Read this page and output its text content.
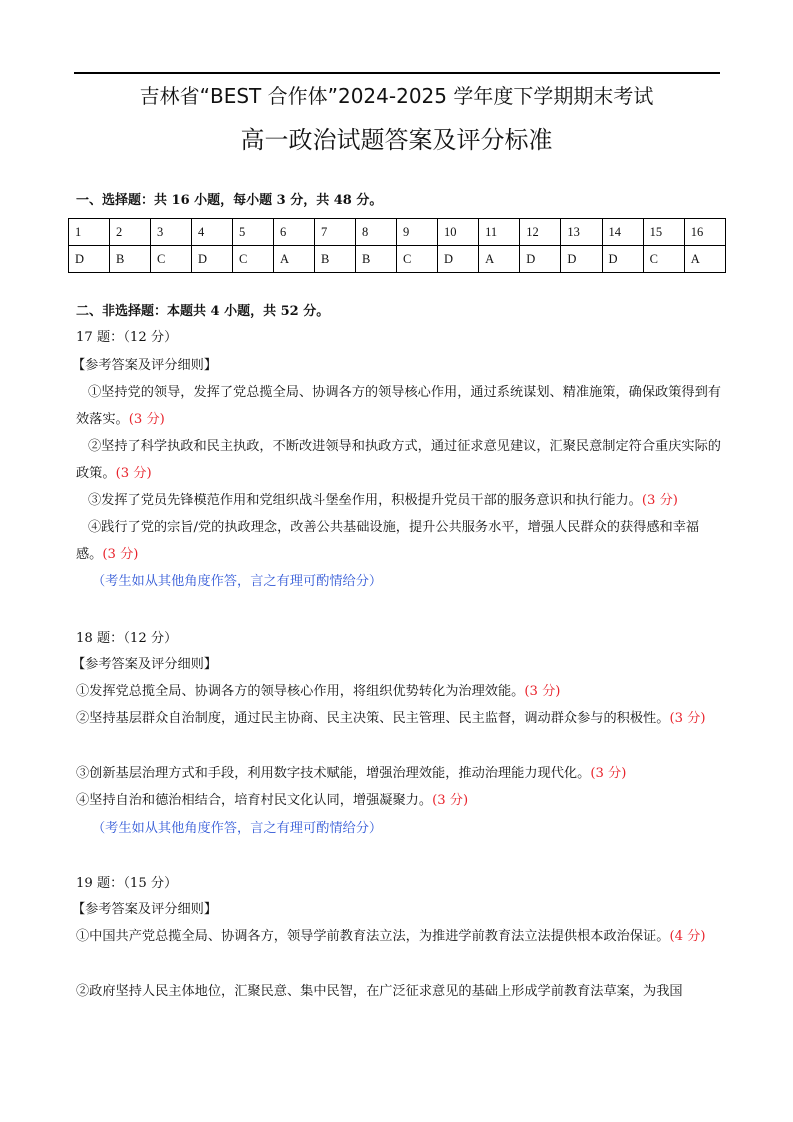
吉林省“BEST 合作体”2024-2025 学年度下学期期末考试
高一政治试题答案及评分标准
一、选择题：共 16 小题，每小题 3 分，共 48 分。
1	2	3	4	5	6	7	8	9	10	11	12	13	14	15	16
D	B	C	D	C	A	B	B	C	D	A	D	D	D	C	A
二、非选择题：本题共 4 小题，共 52 分。
17 题：（12 分）
【参考答案及评分细则】
①坚持党的领导，发挥了党总揽全局、协调各方的领导核心作用，通过系统谋划、精准施策，确保政策得到有效落实。(3 分)
②坚持了科学执政和民主执政，不断改进领导和执政方式，通过征求意见建议，汇聚民意制定符合重庆实际的政策。(3 分)
③发挥了党员先锋模范作用和党组织战斗堡垒作用，积极提升党员干部的服务意识和执行能力。(3 分)
④践行了党的宗旨/党的执政理念，改善公共基础设施，提升公共服务水平，增强人民群众的获得感和幸福感。(3 分)
（考生如从其他角度作答，言之有理可酌情给分）
18 题：（12 分）
【参考答案及评分细则】
①发挥党总揽全局、协调各方的领导核心作用，将组织优势转化为治理效能。(3 分)
②坚持基层群众自治制度，通过民主协商、民主决策、民主管理、民主监督，调动群众参与的积极性。(3 分)
③创新基层治理方式和手段，利用数字技术赋能，增强治理效能，推动治理能力现代化。(3 分)
④坚持自治和德治相结合，培育村民文化认同，增强凝聚力。(3 分)
（考生如从其他角度作答，言之有理可酌情给分）
19 题：（15 分）
【参考答案及评分细则】
①中国共产党总揽全局、协调各方，领导学前教育法立法，为推进学前教育法立法提供根本政治保证。(4 分)
②政府坚持人民主体地位，汇聚民意、集中民智，在广泛征求意见的基础上形成学前教育法草案，为我国
